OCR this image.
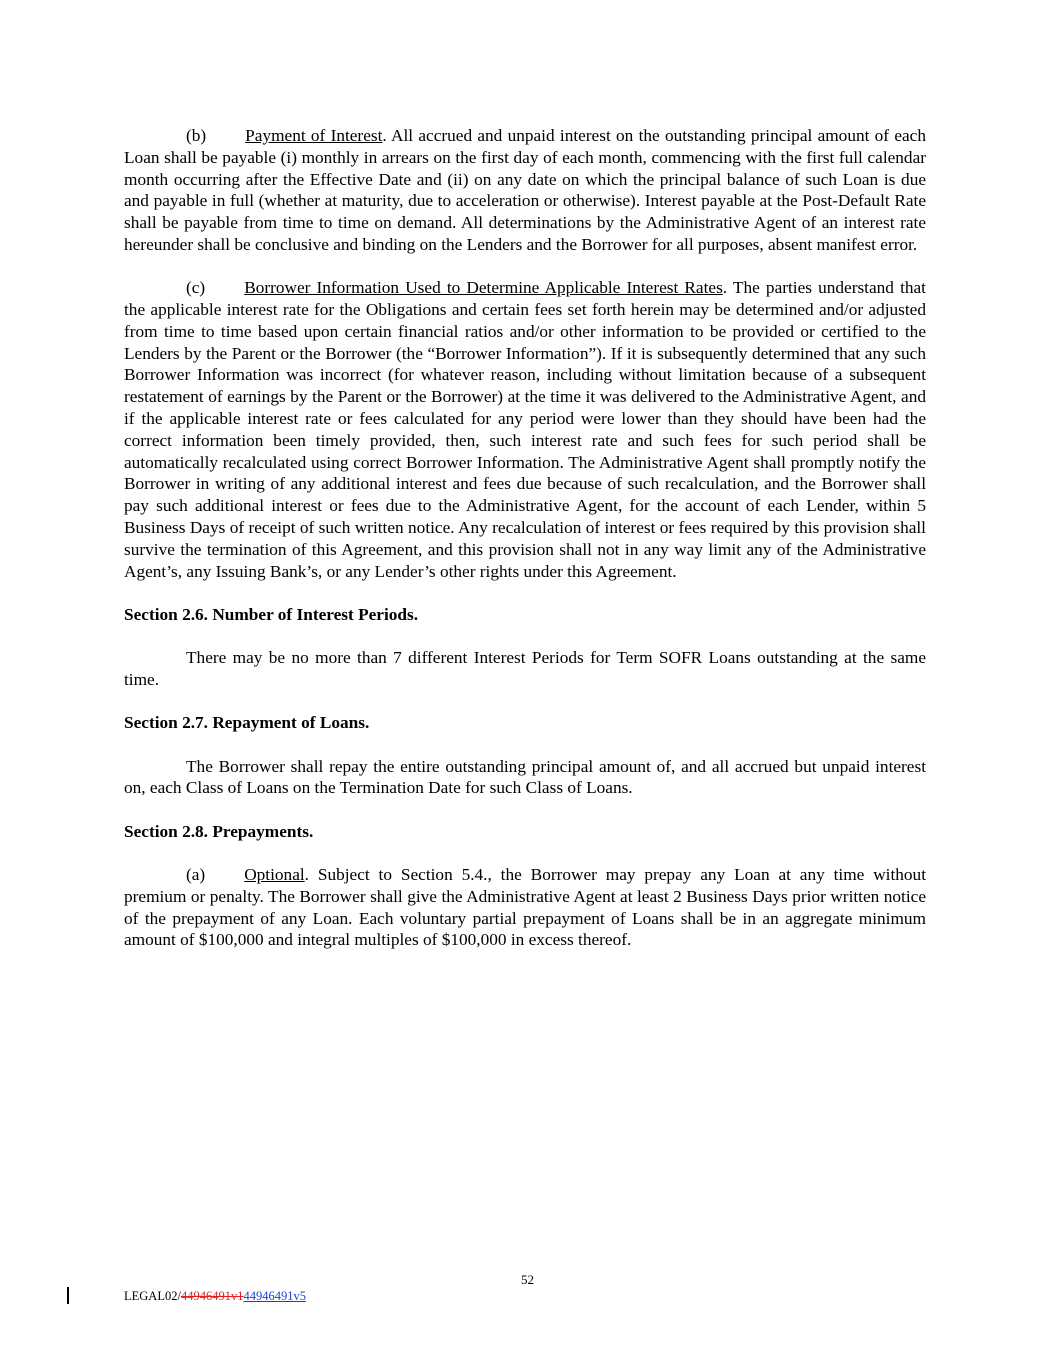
(b) Payment of Interest. All accrued and unpaid interest on the outstanding principal amount of each Loan shall be payable (i) monthly in arrears on the first day of each month, commencing with the first full calendar month occurring after the Effective Date and (ii) on any date on which the principal balance of such Loan is due and payable in full (whether at maturity, due to acceleration or otherwise). Interest payable at the Post-Default Rate shall be payable from time to time on demand. All determinations by the Administrative Agent of an interest rate hereunder shall be conclusive and binding on the Lenders and the Borrower for all purposes, absent manifest error.

(c) Borrower Information Used to Determine Applicable Interest Rates. The parties understand that the applicable interest rate for the Obligations and certain fees set forth herein may be determined and/or adjusted from time to time based upon certain financial ratios and/or other information to be provided or certified to the Lenders by the Parent or the Borrower (the “Borrower Information”). If it is subsequently determined that any such Borrower Information was incorrect (for whatever reason, including without limitation because of a subsequent restatement of earnings by the Parent or the Borrower) at the time it was delivered to the Administrative Agent, and if the applicable interest rate or fees calculated for any period were lower than they should have been had the correct information been timely provided, then, such interest rate and such fees for such period shall be automatically recalculated using correct Borrower Information. The Administrative Agent shall promptly notify the Borrower in writing of any additional interest and fees due because of such recalculation, and the Borrower shall pay such additional interest or fees due to the Administrative Agent, for the account of each Lender, within 5 Business Days of receipt of such written notice. Any recalculation of interest or fees required by this provision shall survive the termination of this Agreement, and this provision shall not in any way limit any of the Administrative Agent’s, any Issuing Bank’s, or any Lender’s other rights under this Agreement.

Section 2.6. Number of Interest Periods.

There may be no more than 7 different Interest Periods for Term SOFR Loans outstanding at the same time.

Section 2.7. Repayment of Loans.

The Borrower shall repay the entire outstanding principal amount of, and all accrued but unpaid interest on, each Class of Loans on the Termination Date for such Class of Loans.

Section 2.8. Prepayments.

(a) Optional. Subject to Section 5.4., the Borrower may prepay any Loan at any time without premium or penalty. The Borrower shall give the Administrative Agent at least 2 Business Days prior written notice of the prepayment of any Loan. Each voluntary partial prepayment of Loans shall be in an aggregate minimum amount of $100,000 and integral multiples of $100,000 in excess thereof.

52
LEGAL02/44946491v144946491v5
